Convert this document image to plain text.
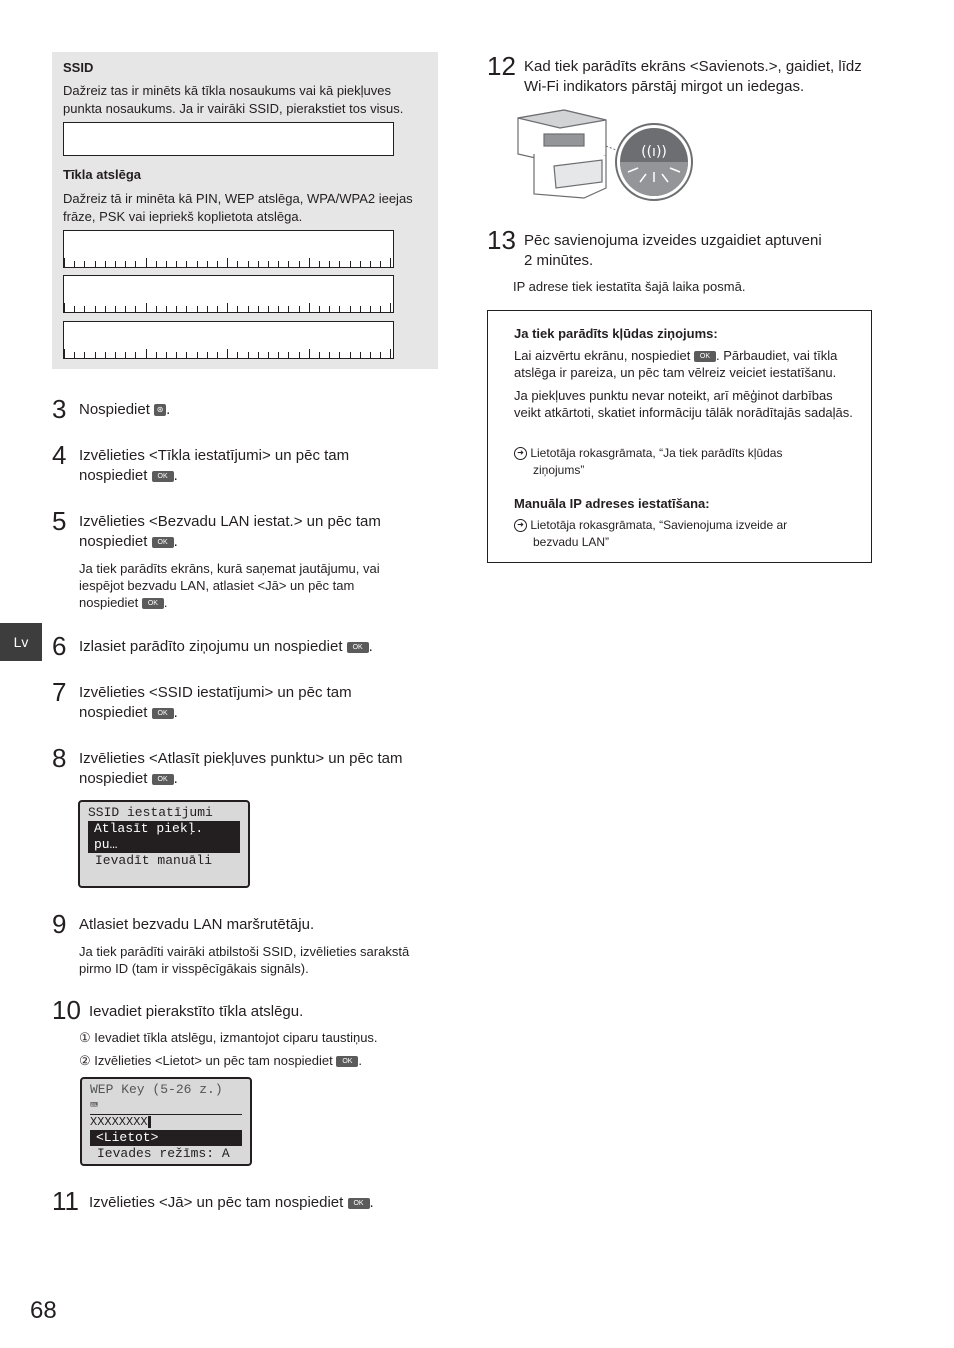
SSID
Dažreiz tas ir minēts kā tīkla nosaukums vai kā piekļuves punkta nosaukums. Ja ir vairāki SSID, pierakstiet tos visus.
Tīkla atslēga
Dažreiz tā ir minēta kā PIN, WEP atslēga, WPA/WPA2 ieejas frāze, PSK vai iepriekš koplietota atslēga.
Lv
3 Nospiediet ⊛ .
4 Izvēlieties <Tīkla iestatījumi> un pēc tam
nospiediet OK .
5 Izvēlieties <Bezvadu LAN iestat.> un pēc tam
nospiediet OK .
Ja tiek parādīts ekrāns, kurā saņemat jautājumu, vai
iespējot bezvadu LAN, atlasiet <Jā> un pēc tam
nospiediet OK .
6 Izlasiet parādīto ziņojumu un nospiediet OK .
7 Izvēlieties <SSID iestatījumi> un pēc tam
nospiediet OK .
8 Izvēlieties <Atlasīt piekļuves punktu> un pēc tam
nospiediet OK .
SSID iestatījumi
Atlasīt piekļ. pu…
Ievadīt manuāli
9 Atlasiet bezvadu LAN maršrutētāju.
Ja tiek parādīti vairāki atbilstoši SSID, izvēlieties sarakstā
pirmo ID (tam ir visspēcīgākais signāls).
10 Ievadiet pierakstīto tīkla atslēgu.
① Ievadiet tīkla atslēgu, izmantojot ciparu taustiņus.
② Izvēlieties <Lietot> un pēc tam nospiediet OK .
WEP Key (5-26 z.)
⌨
XXXXXXXX
<Lietot>
Ievades režīms: A
11 Izvēlieties <Jā> un pēc tam nospiediet OK .
68
12 Kad tiek parādīts ekrāns <Savienots.>, gaidiet, līdz
Wi-Fi indikators pārstāj mirgot un iedegas.
((ı))
13 Pēc savienojuma izveides uzgaidiet aptuveni
2 minūtes.
IP adrese tiek iestatīta šajā laika posmā.
Ja tiek parādīts kļūdas ziņojums:
Lai aizvērtu ekrānu, nospiediet OK . Pārbaudiet, vai tīkla atslēga ir pareiza, un pēc tam vēlreiz veiciet iestatīšanu.
Ja piekļuves punktu nevar noteikt, arī mēģinot darbības veikt atkārtoti, skatiet informāciju tālāk norādītajās sadaļās.
➜ Lietotāja rokasgrāmata, “Ja tiek parādīts kļūdas
ziņojums”
Manuāla IP adreses iestatīšana:
➜ Lietotāja rokasgrāmata, “Savienojuma izveide ar
bezvadu LAN”
